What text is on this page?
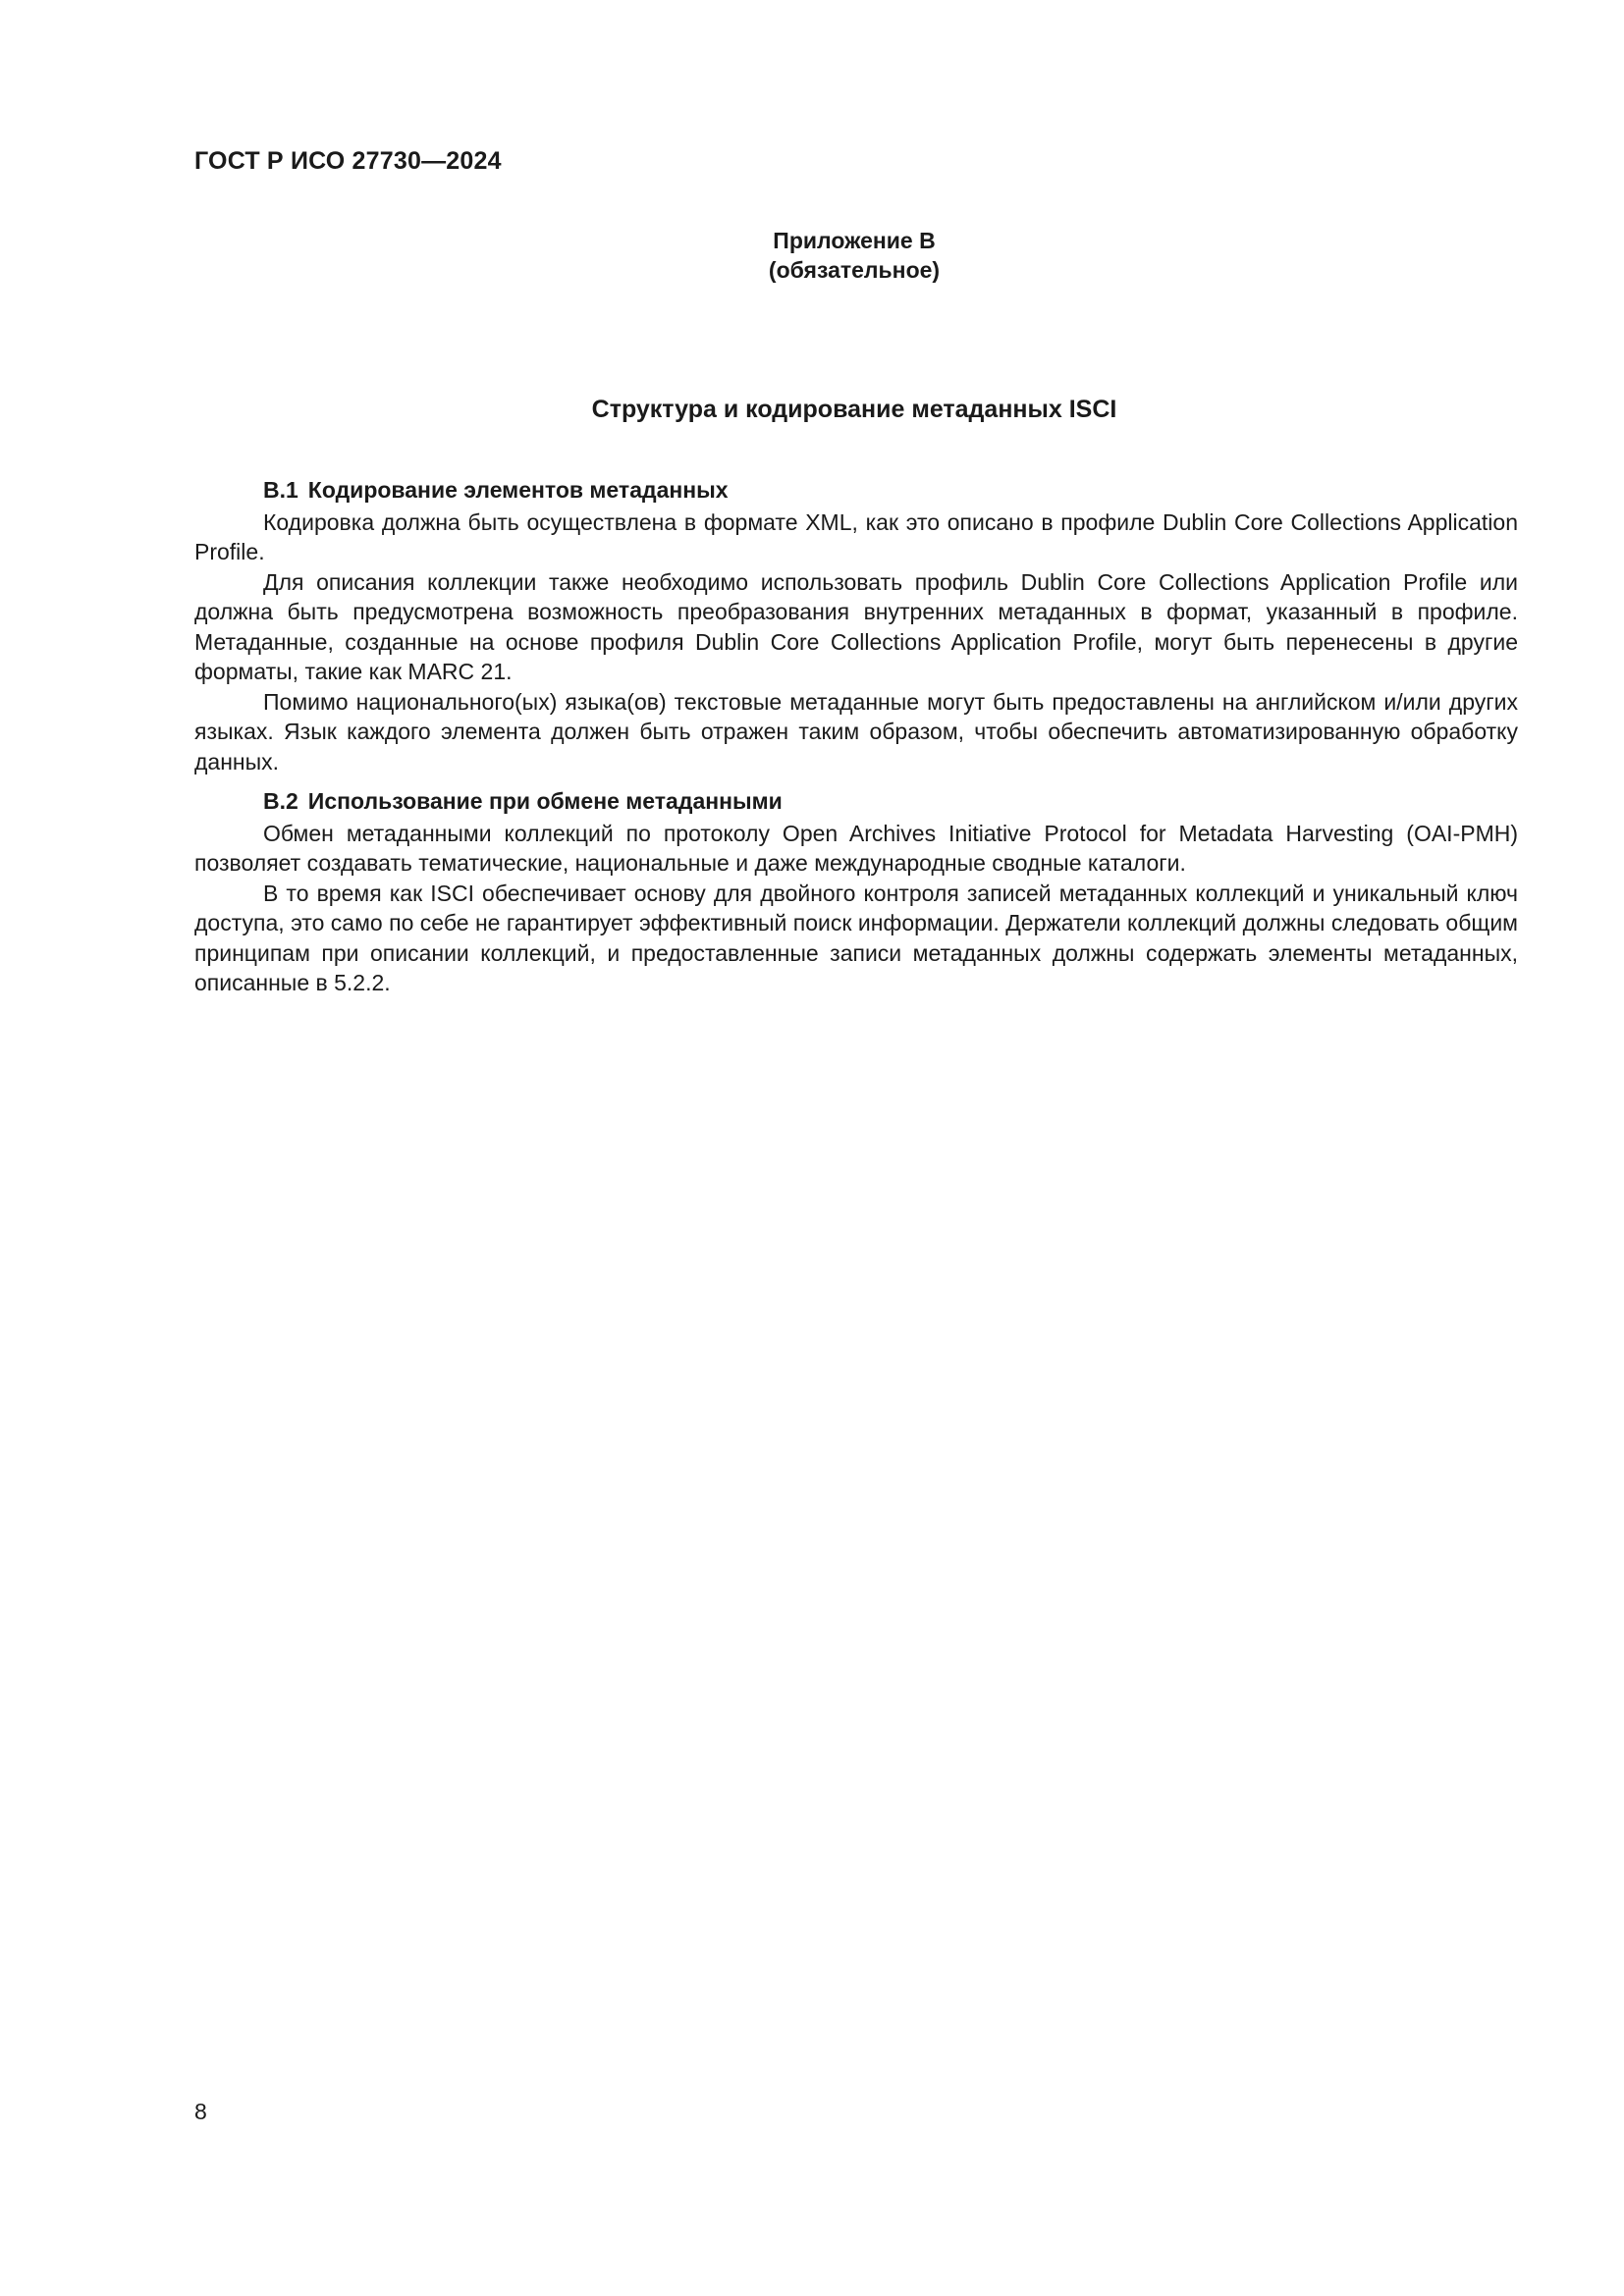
ГОСТ Р ИСО 27730—2024
Приложение В
(обязательное)
Структура и кодирование метаданных ISCI

В.1 Кодирование элементов метаданных

Кодировка должна быть осуществлена в формате XML, как это описано в профиле Dublin Core Collections Application Profile.

Для описания коллекции также необходимо использовать профиль Dublin Core Collections Application Profile или должна быть предусмотрена возможность преобразования внутренних метаданных в формат, указанный в профиле. Метаданные, созданные на основе профиля Dublin Core Collections Application Profile, могут быть перенесены в другие форматы, такие как MARC 21.

Помимо национального(ых) языка(ов) текстовые метаданные могут быть предоставлены на английском и/или других языках. Язык каждого элемента должен быть отражен таким образом, чтобы обеспечить автоматизированную обработку данных.

В.2 Использование при обмене метаданными

Обмен метаданными коллекций по протоколу Open Archives Initiative Protocol for Metadata Harvesting (OAI-PMH) позволяет создавать тематические, национальные и даже международные сводные каталоги.

В то время как ISCI обеспечивает основу для двойного контроля записей метаданных коллекций и уникальный ключ доступа, это само по себе не гарантирует эффективный поиск информации. Держатели коллекций должны следовать общим принципам при описании коллекций, и предоставленные записи метаданных должны содержать элементы метаданных, описанные в 5.2.2.

8
